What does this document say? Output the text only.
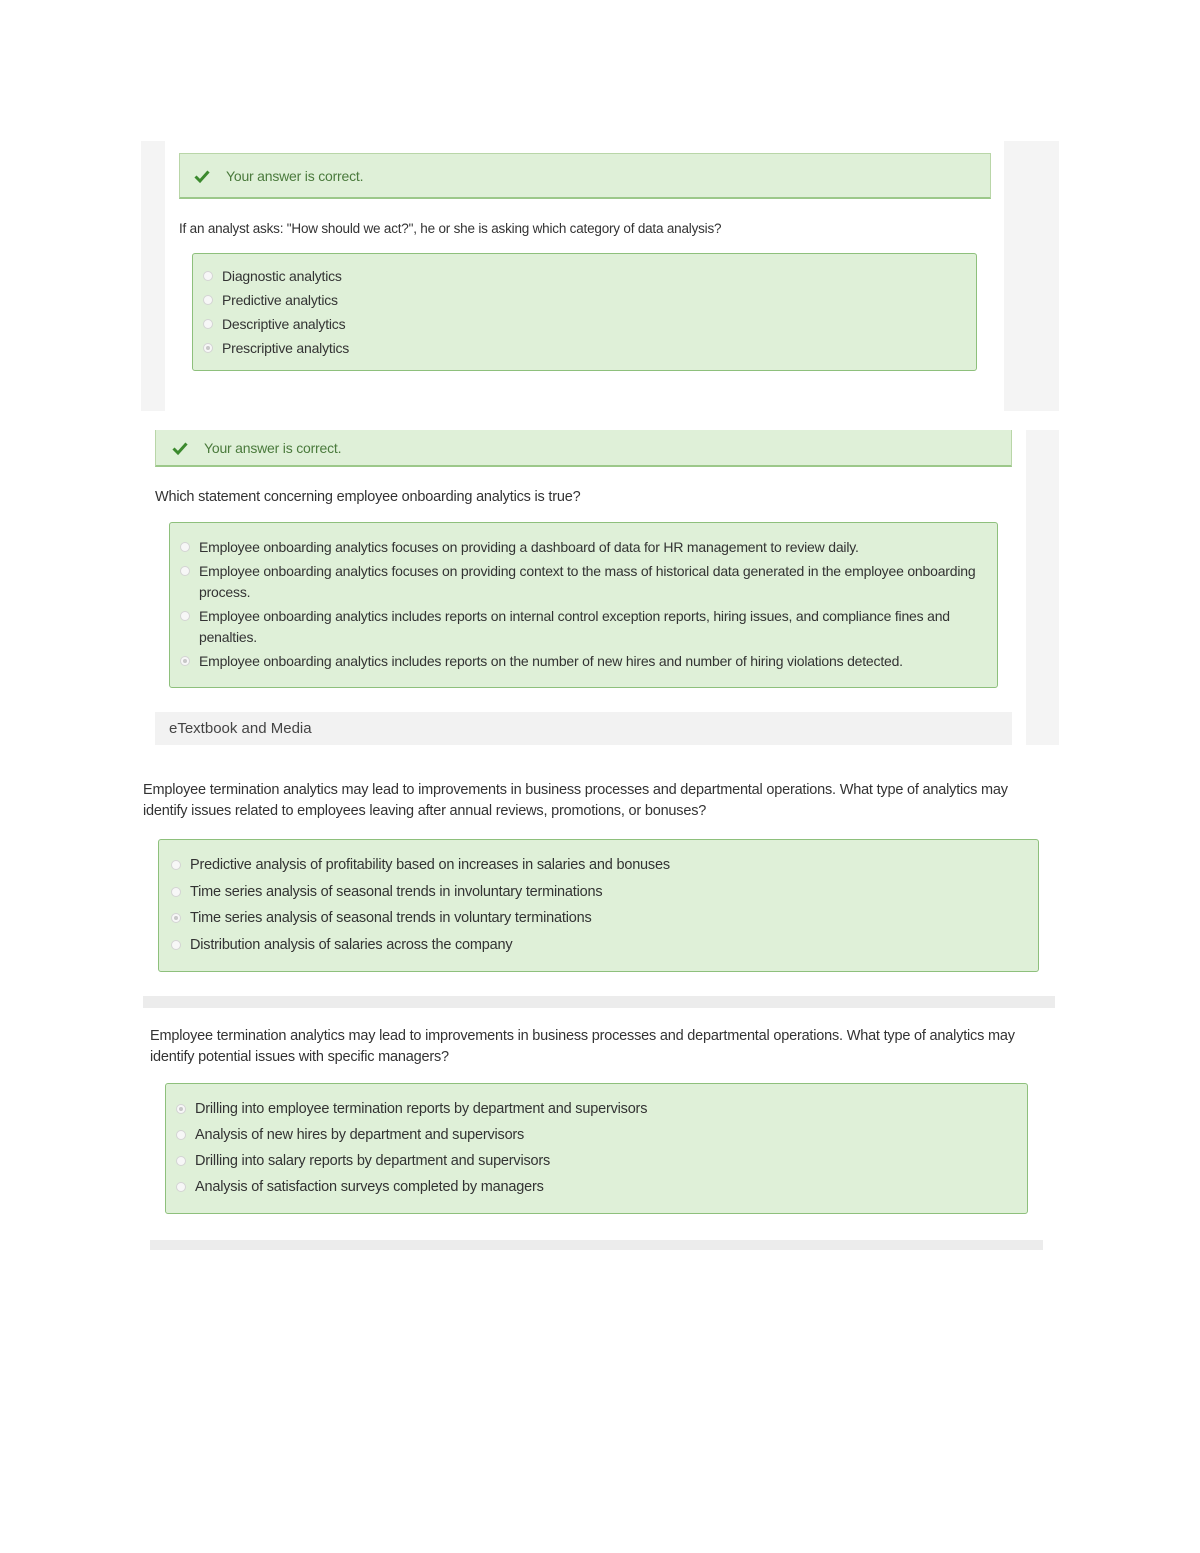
Your answer is correct.
If an analyst asks: "How should we act?", he or she is asking which category of data analysis?
Diagnostic analytics
Predictive analytics
Descriptive analytics
Prescriptive analytics
Your answer is correct.
Which statement concerning employee onboarding analytics is true?
Employee onboarding analytics focuses on providing a dashboard of data for HR management to review daily.
Employee onboarding analytics focuses on providing context to the mass of historical data generated in the employee onboarding process.
Employee onboarding analytics includes reports on internal control exception reports, hiring issues, and compliance fines and penalties.
Employee onboarding analytics includes reports on the number of new hires and number of hiring violations detected.
eTextbook and Media
Employee termination analytics may lead to improvements in business processes and departmental operations. What type of analytics may identify issues related to employees leaving after annual reviews, promotions, or bonuses?
Predictive analysis of profitability based on increases in salaries and bonuses
Time series analysis of seasonal trends in involuntary terminations
Time series analysis of seasonal trends in voluntary terminations
Distribution analysis of salaries across the company
Employee termination analytics may lead to improvements in business processes and departmental operations. What type of analytics may identify potential issues with specific managers?
Drilling into employee termination reports by department and supervisors
Analysis of new hires by department and supervisors
Drilling into salary reports by department and supervisors
Analysis of satisfaction surveys completed by managers
